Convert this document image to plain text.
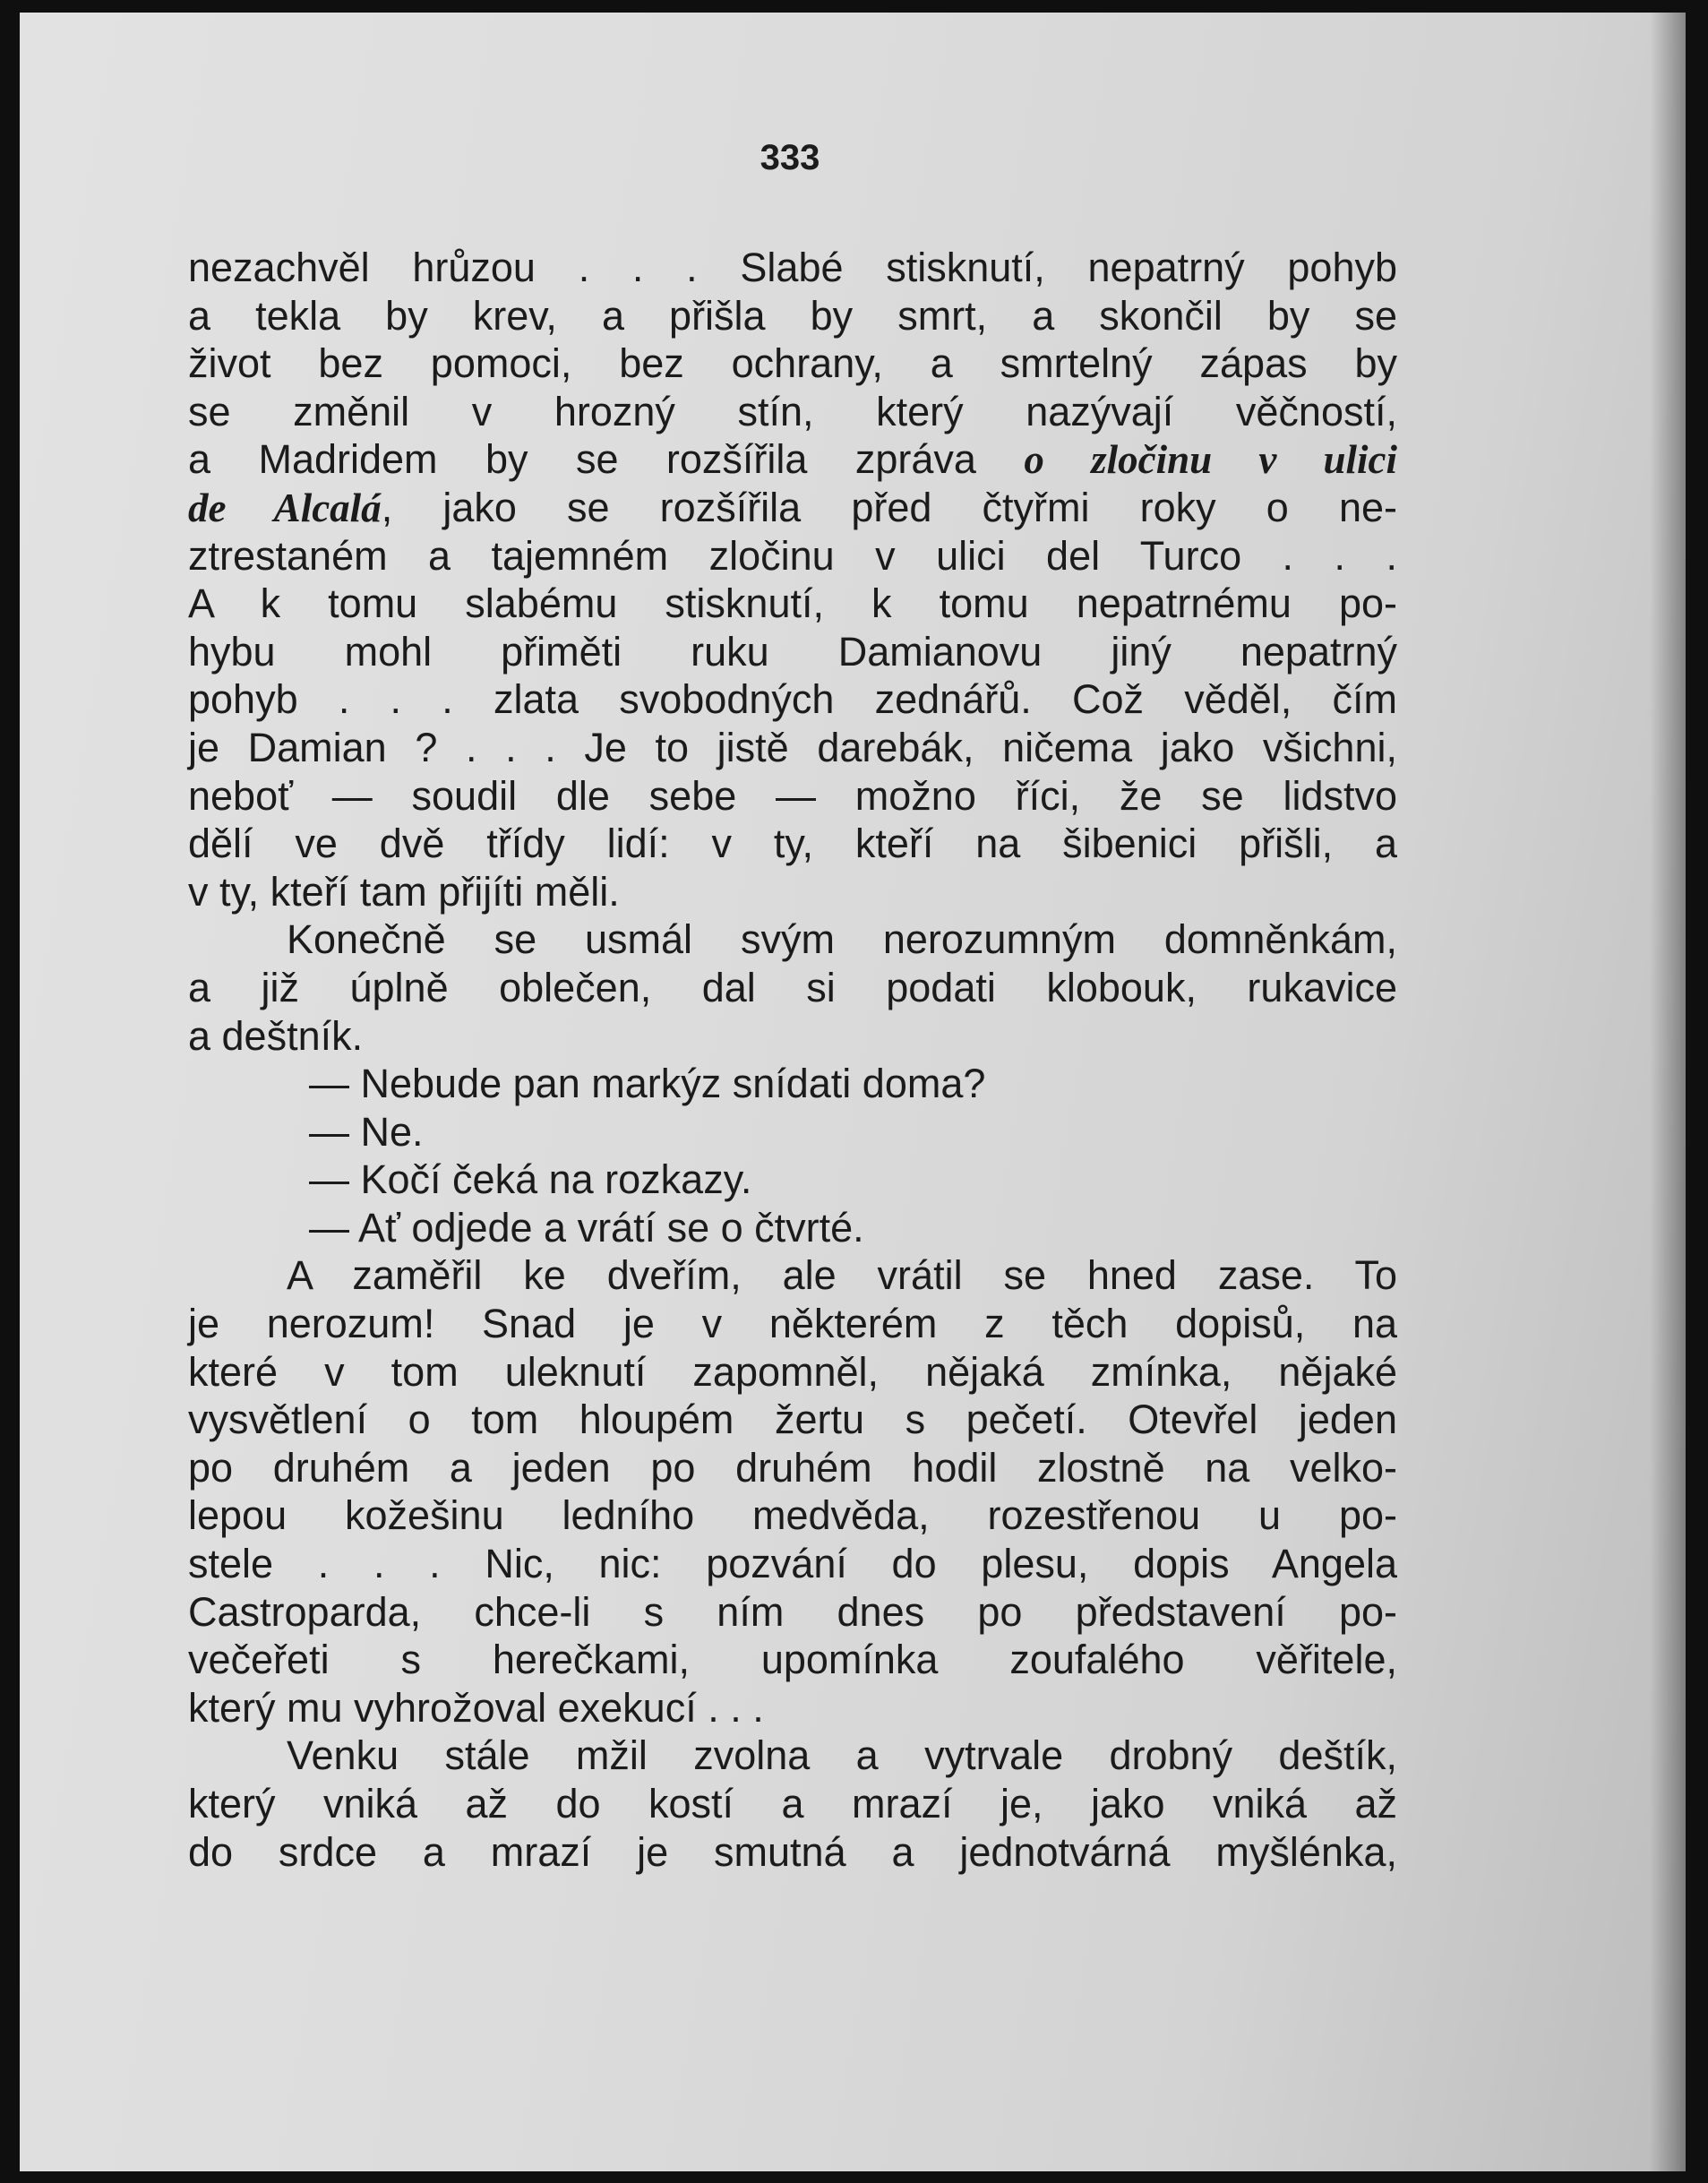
333
nezachvěl hrůzou . . . Slabé stisknutí, nepatrný pohyb
a tekla by krev, a přišla by smrt, a skončil by se
život bez pomoci, bez ochrany, a smrtelný zápas by
se změnil v hrozný stín, který nazývají věčností,
a Madridem by se rozšířila zpráva o zločinu v ulici
de Alcalá, jako se rozšířila před čtyřmi roky o ne-
ztrestaném a tajemném zločinu v ulici del Turco . . .
A k tomu slabému stisknutí, k tomu nepatrnému po-
hybu mohl přiměti ruku Damianovu jiný nepatrný
pohyb . . . zlata svobodných zednářů. Což věděl, čím
je Damian ? . . . Je to jistě darebák, ničema jako všichni,
neboť — soudil dle sebe — možno říci, že se lidstvo
dělí ve dvě třídy lidí: v ty, kteří na šibenici přišli, a
v ty, kteří tam přijíti měli.
Konečně se usmál svým nerozumným domněnkám,
a již úplně oblečen, dal si podati klobouk, rukavice
a deštník.
— Nebude pan markýz snídati doma?
— Ne.
— Kočí čeká na rozkazy.
— Ať odjede a vrátí se o čtvrté.
A zaměřil ke dveřím, ale vrátil se hned zase. To
je nerozum! Snad je v některém z těch dopisů, na
které v tom uleknutí zapomněl, nějaká zmínka, nějaké
vysvětlení o tom hloupém žertu s pečetí. Otevřel jeden
po druhém a jeden po druhém hodil zlostně na velko-
lepou kožešinu ledního medvěda, rozestřenou u po-
stele . . . Nic, nic: pozvání do plesu, dopis Angela
Castroparda, chce-li s ním dnes po představení po-
večeřeti s herečkami, upomínka zoufalého věřitele,
který mu vyhrožoval exekucí . . .
Venku stále mžil zvolna a vytrvale drobný deštík,
který vniká až do kostí a mrazí je, jako vniká až
do srdce a mrazí je smutná a jednotvárná myšlénka,
